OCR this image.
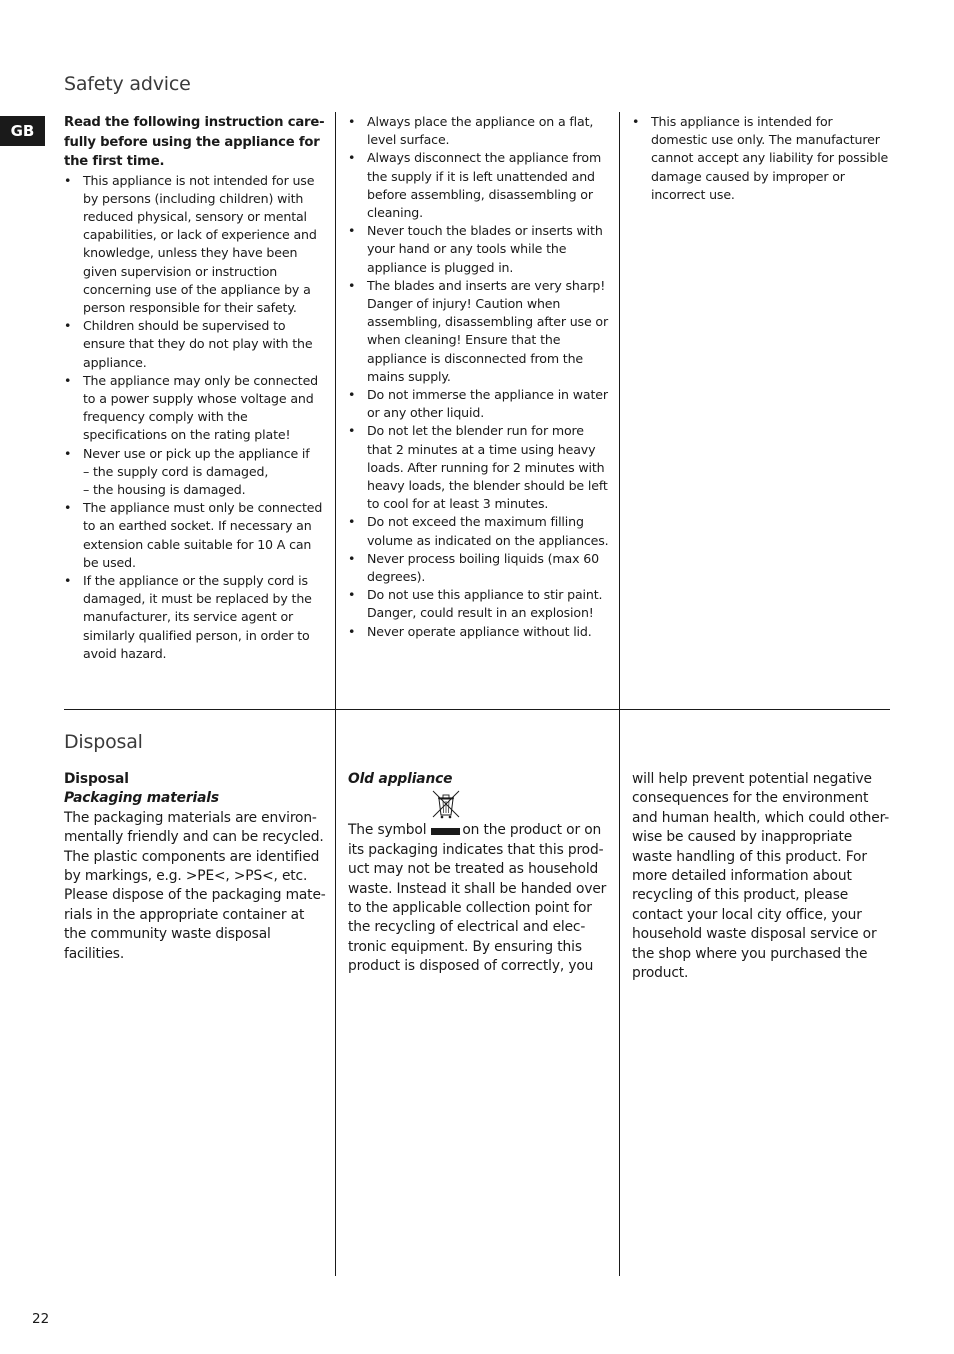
Safety advice
GB	Read the following instruction care-fully before using the appliance for the first time.

• This appliance is not intended for use by persons (including children) with reduced physical, sensory or mental capabilities, or lack of experience and knowledge, unless they have been given supervision or instruction concerning use of the appliance by a person responsible for their safety.
• Children should be supervised to ensure that they do not play with the appliance.
• The appliance may only be connected to a power supply whose voltage and frequency comply with the specifications on the rating plate!
• Never use or pick up the appliance if
– the supply cord is damaged,
– the housing is damaged.
• The appliance must only be connected to an earthed socket. If necessary an extension cable suitable for 10 A can be used.
• If the appliance or the supply cord is damaged, it must be replaced by the manufacturer, its service agent or similarly qualified person, in order to avoid hazard.
• Always place the appliance on a flat, level surface.
• Always disconnect the appliance from the supply if it is left unattended and before assembling, disassembling or cleaning.
• Never touch the blades or inserts with your hand or any tools while the appliance is plugged in.
• The blades and inserts are very sharp! Danger of injury! Caution when assembling, disassembling after use or when cleaning! Ensure that the appliance is disconnected from the mains supply.
• Do not immerse the appliance in water or any other liquid.
• Do not let the blender run for more that 2 minutes at a time using heavy loads. After running for 2 minutes with heavy loads, the blender should be left to cool for at least 3 minutes.
• Do not exceed the maximum filling volume as indicated on the appliances.
• Never process boiling liquids (max 60 degrees).
• Do not use this appliance to stir paint. Danger, could result in an explosion!
• Never operate appliance without lid.
• This appliance is intended for domestic use only. The manufacturer cannot accept any liability for possible damage caused by improper or incorrect use.
Disposal
Disposal
Packaging materials
The packaging materials are environ-mentally friendly and can be recycled. The plastic components are identified by markings, e.g. >PE<, >PS<, etc. Please dispose of the packaging mate-rials in the appropriate container at the community waste disposal facilities.
Old appliance
The symbol	on the product or on its packaging indicates that this prod-uct may not be treated as household waste. Instead it shall be handed over to the applicable collection point for the recycling of electrical and elec-tronic equipment. By ensuring this product is disposed of correctly, you
will help prevent potential negative consequences for the environment and human health, which could other-wise be caused by inappropriate waste handling of this product. For more detailed information about recycling of this product, please contact your local city office, your household waste disposal service or the shop where you purchased the product.
22
